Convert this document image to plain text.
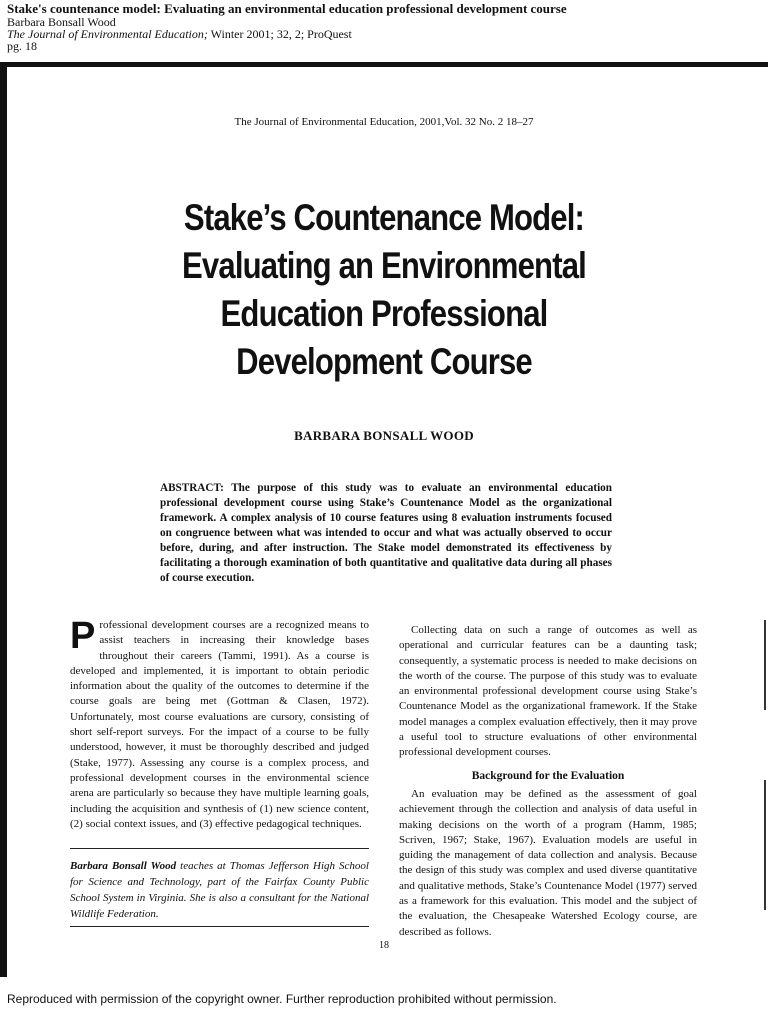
Stake's countenance model: Evaluating an environmental education professional development course
Barbara Bonsall Wood
The Journal of Environmental Education; Winter 2001; 32, 2; ProQuest
pg. 18
The Journal of Environmental Education, 2001,Vol. 32 No. 2 18–27
Stake’s Countenance Model:
Evaluating an Environmental
Education Professional
Development Course
BARBARA BONSALL WOOD
ABSTRACT: The purpose of this study was to evaluate an environmental education professional development course using Stake’s Countenance Model as the organizational framework. A complex analysis of 10 course features using 8 evaluation instruments focused on congruence between what was intended to occur and what was actually observed to occur before, during, and after instruction. The Stake model demonstrated its effectiveness by facilitating a thorough examination of both quantitative and qualitative data during all phases of course execution.

Professional development courses are a recognized means to assist teachers in increasing their knowledge bases throughout their careers (Tammi, 1991). As a course is developed and implemented, it is important to obtain periodic information about the quality of the outcomes to determine if the course goals are being met (Gottman & Clasen, 1972). Unfortunately, most course evaluations are cursory, consisting of short self-report surveys. For the impact of a course to be fully understood, however, it must be thoroughly described and judged (Stake, 1977). Assessing any course is a complex process, and professional development courses in the environmental science arena are particularly so because they have multiple learning goals, including the acquisition and synthesis of (1) new science content, (2) social context issues, and (3) effective pedagogical techniques.

Barbara Bonsall Wood teaches at Thomas Jefferson High School for Science and Technology, part of the Fairfax County Public School System in Virginia. She is also a consultant for the National Wildlife Federation.

Collecting data on such a range of outcomes as well as operational and curricular features can be a daunting task; consequently, a systematic process is needed to make decisions on the worth of the course. The purpose of this study was to evaluate an environmental professional development course using Stake’s Countenance Model as the organizational framework. If the Stake model manages a complex evaluation effectively, then it may prove a useful tool to structure evaluations of other environmental professional development courses.

Background for the Evaluation

An evaluation may be defined as the assessment of goal achievement through the collection and analysis of data useful in making decisions on the worth of a program (Hamm, 1985; Scriven, 1967; Stake, 1967). Evaluation models are useful in guiding the management of data collection and analysis. Because the design of this study was complex and used diverse quantitative and qualitative methods, Stake’s Countenance Model (1977) served as a framework for this evaluation. This model and the subject of the evaluation, the Chesapeake Watershed Ecology course, are described as follows.

18
Reproduced with permission of the copyright owner. Further reproduction prohibited without permission.
